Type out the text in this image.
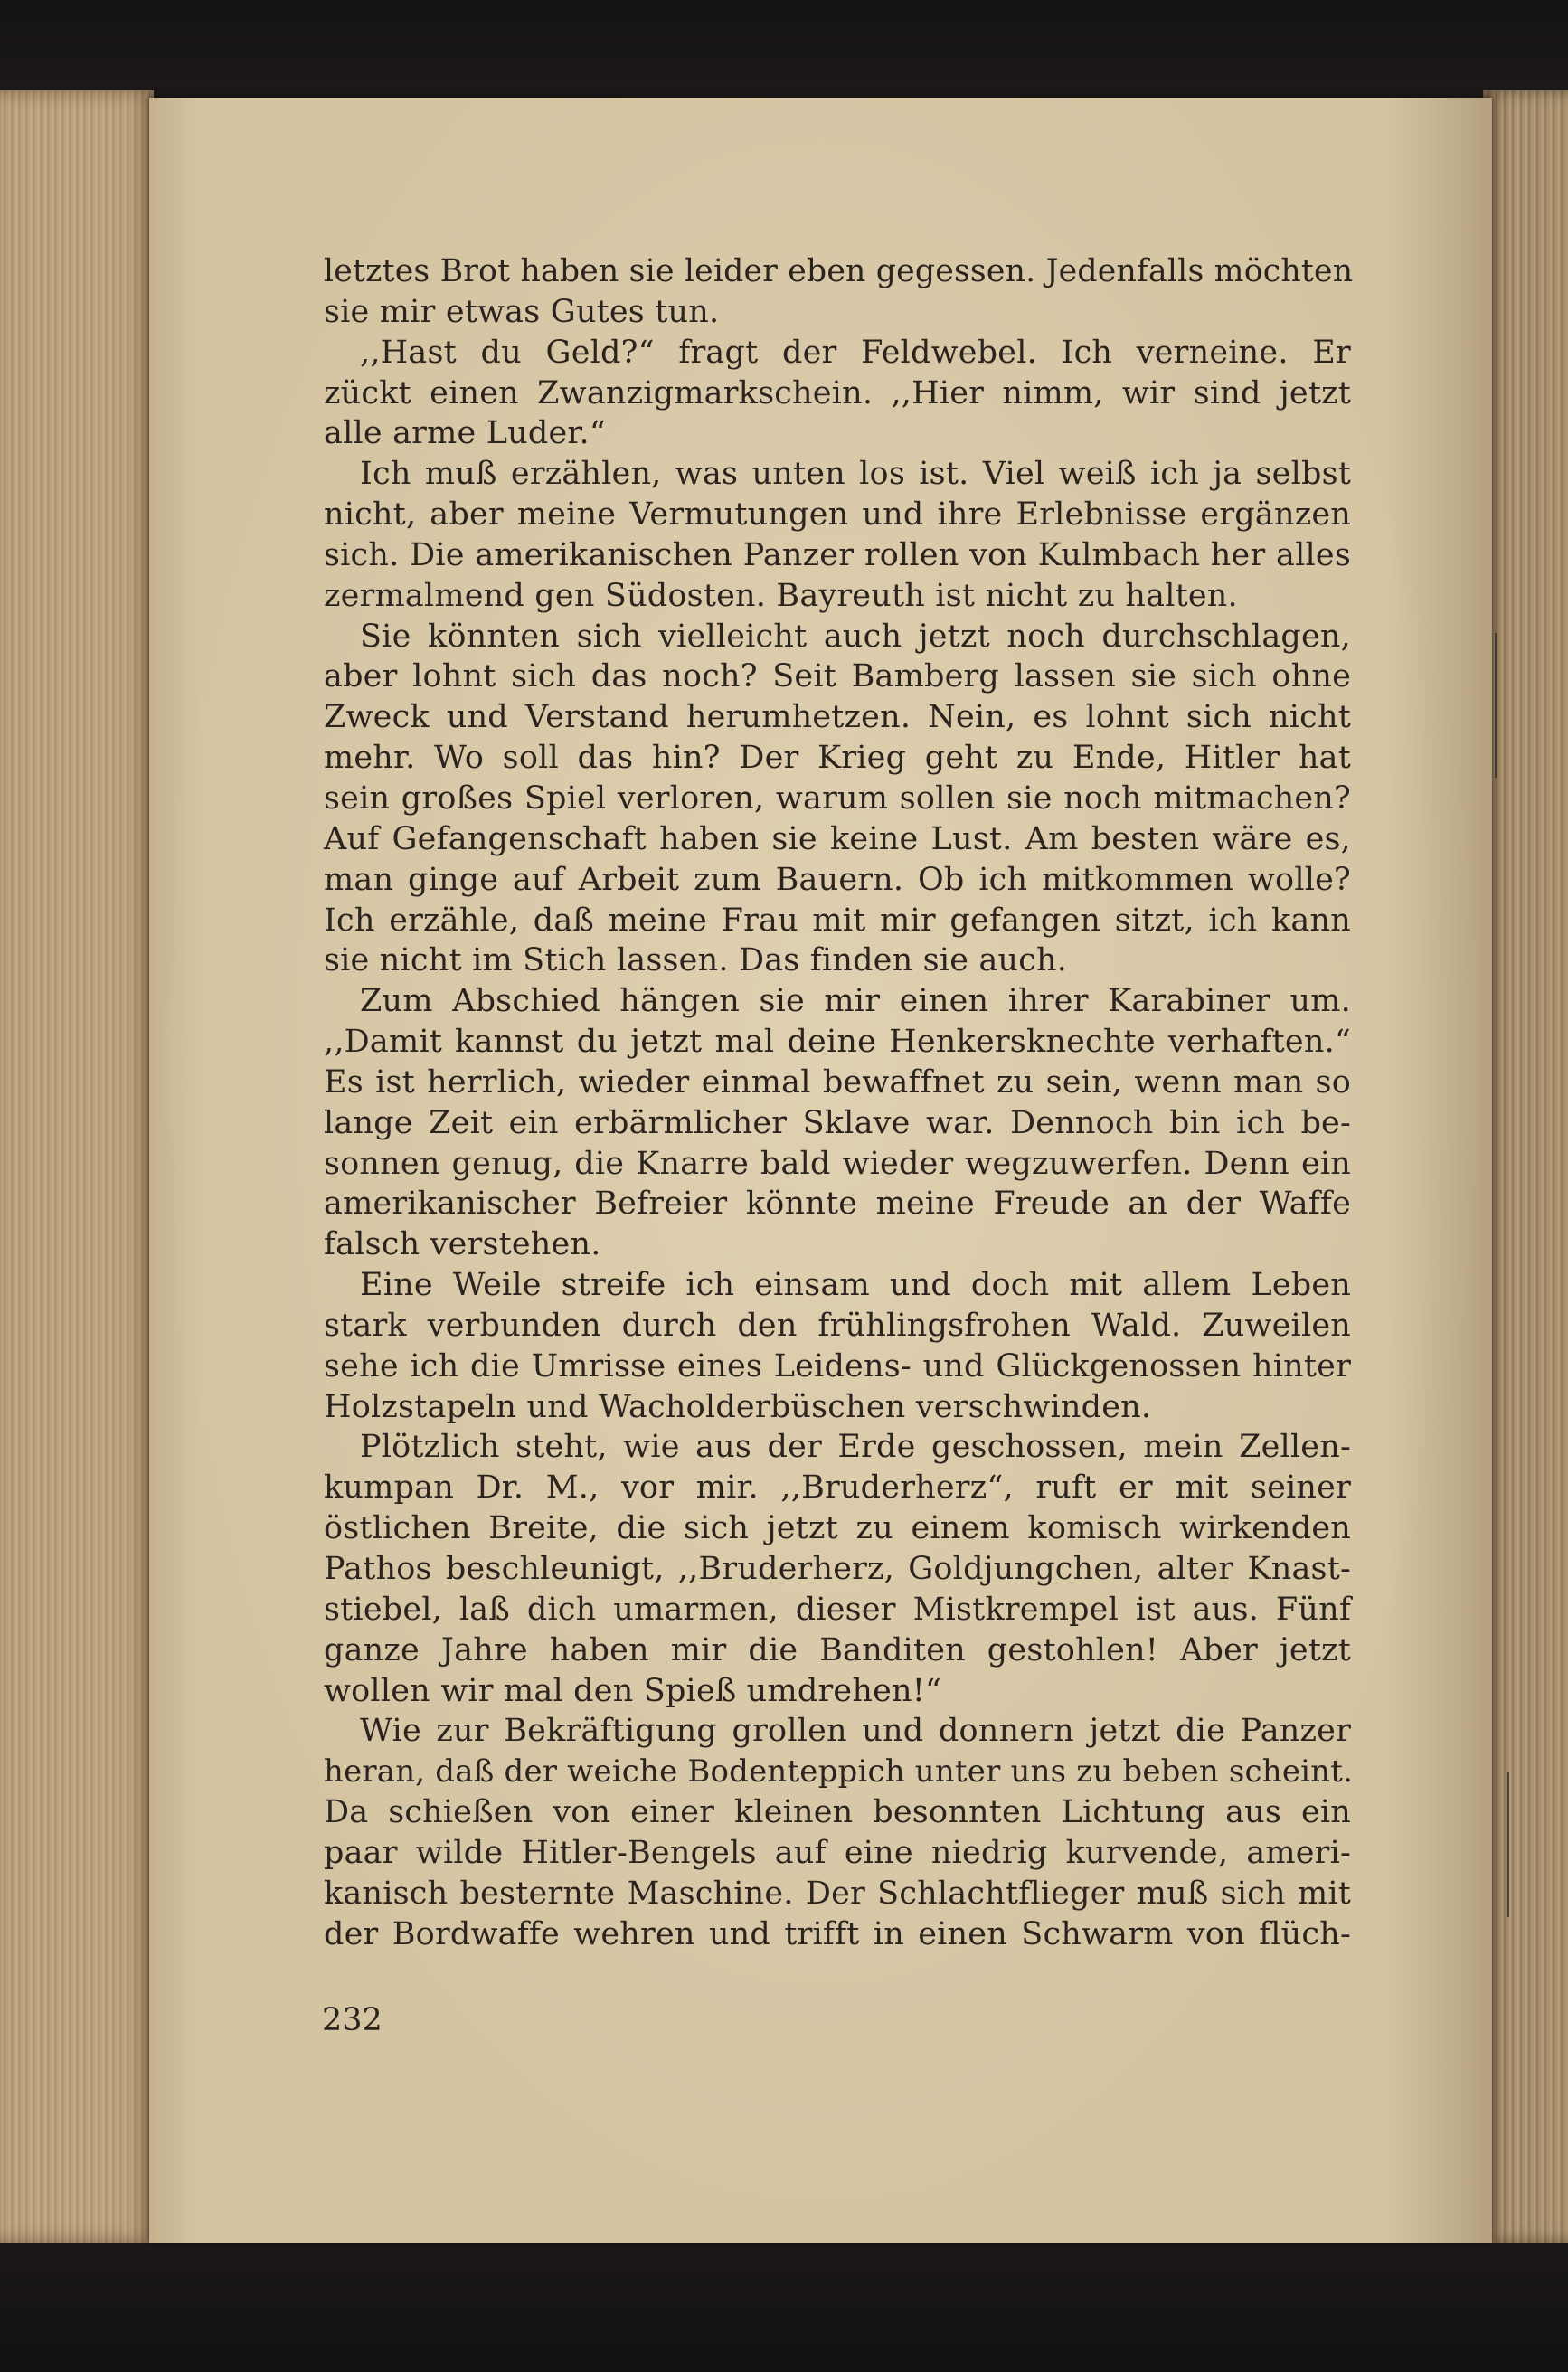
letztes Brot haben sie leider eben gegessen. Jedenfalls möchten
sie mir etwas Gutes tun.
,,Hast du Geld?“ fragt der Feldwebel. Ich verneine. Er
zückt einen Zwanzigmarkschein. ,,Hier nimm, wir sind jetzt
alle arme Luder.“
Ich muß erzählen, was unten los ist. Viel weiß ich ja selbst
nicht, aber meine Vermutungen und ihre Erlebnisse ergänzen
sich. Die amerikanischen Panzer rollen von Kulmbach her alles
zermalmend gen Südosten. Bayreuth ist nicht zu halten.
Sie könnten sich vielleicht auch jetzt noch durchschlagen,
aber lohnt sich das noch? Seit Bamberg lassen sie sich ohne
Zweck und Verstand herumhetzen. Nein, es lohnt sich nicht
mehr. Wo soll das hin? Der Krieg geht zu Ende, Hitler hat
sein großes Spiel verloren, warum sollen sie noch mitmachen?
Auf Gefangenschaft haben sie keine Lust. Am besten wäre es,
man ginge auf Arbeit zum Bauern. Ob ich mitkommen wolle?
Ich erzähle, daß meine Frau mit mir gefangen sitzt, ich kann
sie nicht im Stich lassen. Das finden sie auch.
Zum Abschied hängen sie mir einen ihrer Karabiner um.
,,Damit kannst du jetzt mal deine Henkersknechte verhaften.“
Es ist herrlich, wieder einmal bewaffnet zu sein, wenn man so
lange Zeit ein erbärmlicher Sklave war. Dennoch bin ich be-
sonnen genug, die Knarre bald wieder wegzuwerfen. Denn ein
amerikanischer Befreier könnte meine Freude an der Waffe
falsch verstehen.
Eine Weile streife ich einsam und doch mit allem Leben
stark verbunden durch den frühlingsfrohen Wald. Zuweilen
sehe ich die Umrisse eines Leidens- und Glückgenossen hinter
Holzstapeln und Wacholderbüschen verschwinden.
Plötzlich steht, wie aus der Erde geschossen, mein Zellen-
kumpan Dr. M., vor mir. ,,Bruderherz“, ruft er mit seiner
östlichen Breite, die sich jetzt zu einem komisch wirkenden
Pathos beschleunigt, ,,Bruderherz, Goldjungchen, alter Knast-
stiebel, laß dich umarmen, dieser Mistkrempel ist aus. Fünf
ganze Jahre haben mir die Banditen gestohlen! Aber jetzt
wollen wir mal den Spieß umdrehen!“
Wie zur Bekräftigung grollen und donnern jetzt die Panzer
heran, daß der weiche Bodenteppich unter uns zu beben scheint.
Da schießen von einer kleinen besonnten Lichtung aus ein
paar wilde Hitler-Bengels auf eine niedrig kurvende, ameri-
kanisch besternte Maschine. Der Schlachtflieger muß sich mit
der Bordwaffe wehren und trifft in einen Schwarm von flüch-
232
